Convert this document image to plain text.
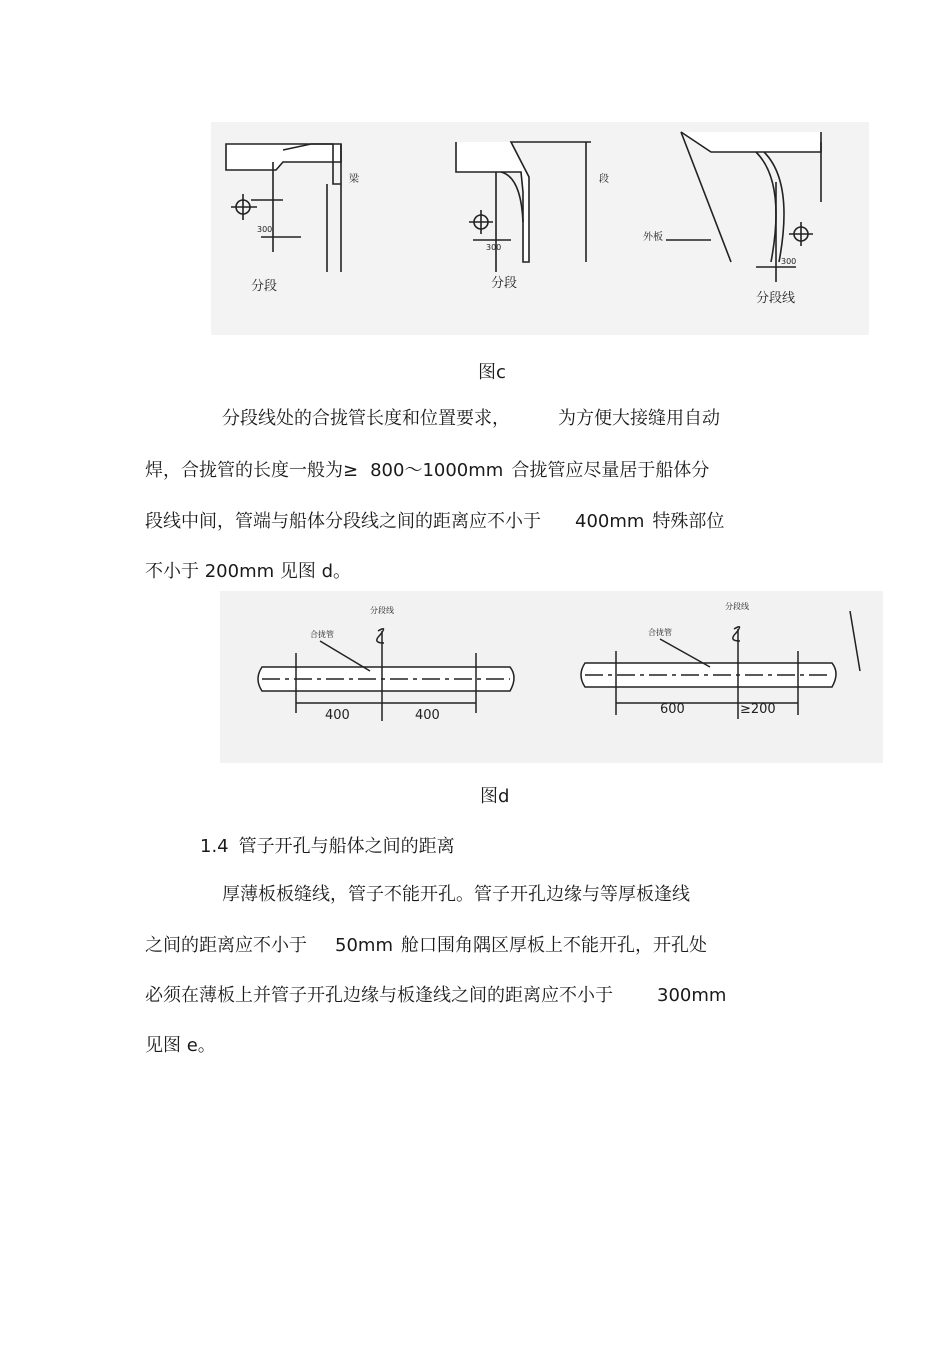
梁
300
分段
段
300
分段
外板
300
分段线
图c
分段线处的合拢管长度和位置要求，	为方便大接缝用自动
焊，合拢管的长度一般为≥ 800～1000mm 合拢管应尽量居于船体分
段线中间，管端与船体分段线之间的距离应不小于 400mm 特殊部位
不小于 200mm 见图 d。
分段线
合拢管
400	400
分段线
合拢管
600	≥200
图d
1.4 管子开孔与船体之间的距离
厚薄板板缝线，管子不能开孔。管子开孔边缘与等厚板逢线
之间的距离应不小于 50mm 舱口围角隅区厚板上不能开孔，开孔处
必须在薄板上并管子开孔边缘与板逢线之间的距离应不小于 300mm
见图 e。
